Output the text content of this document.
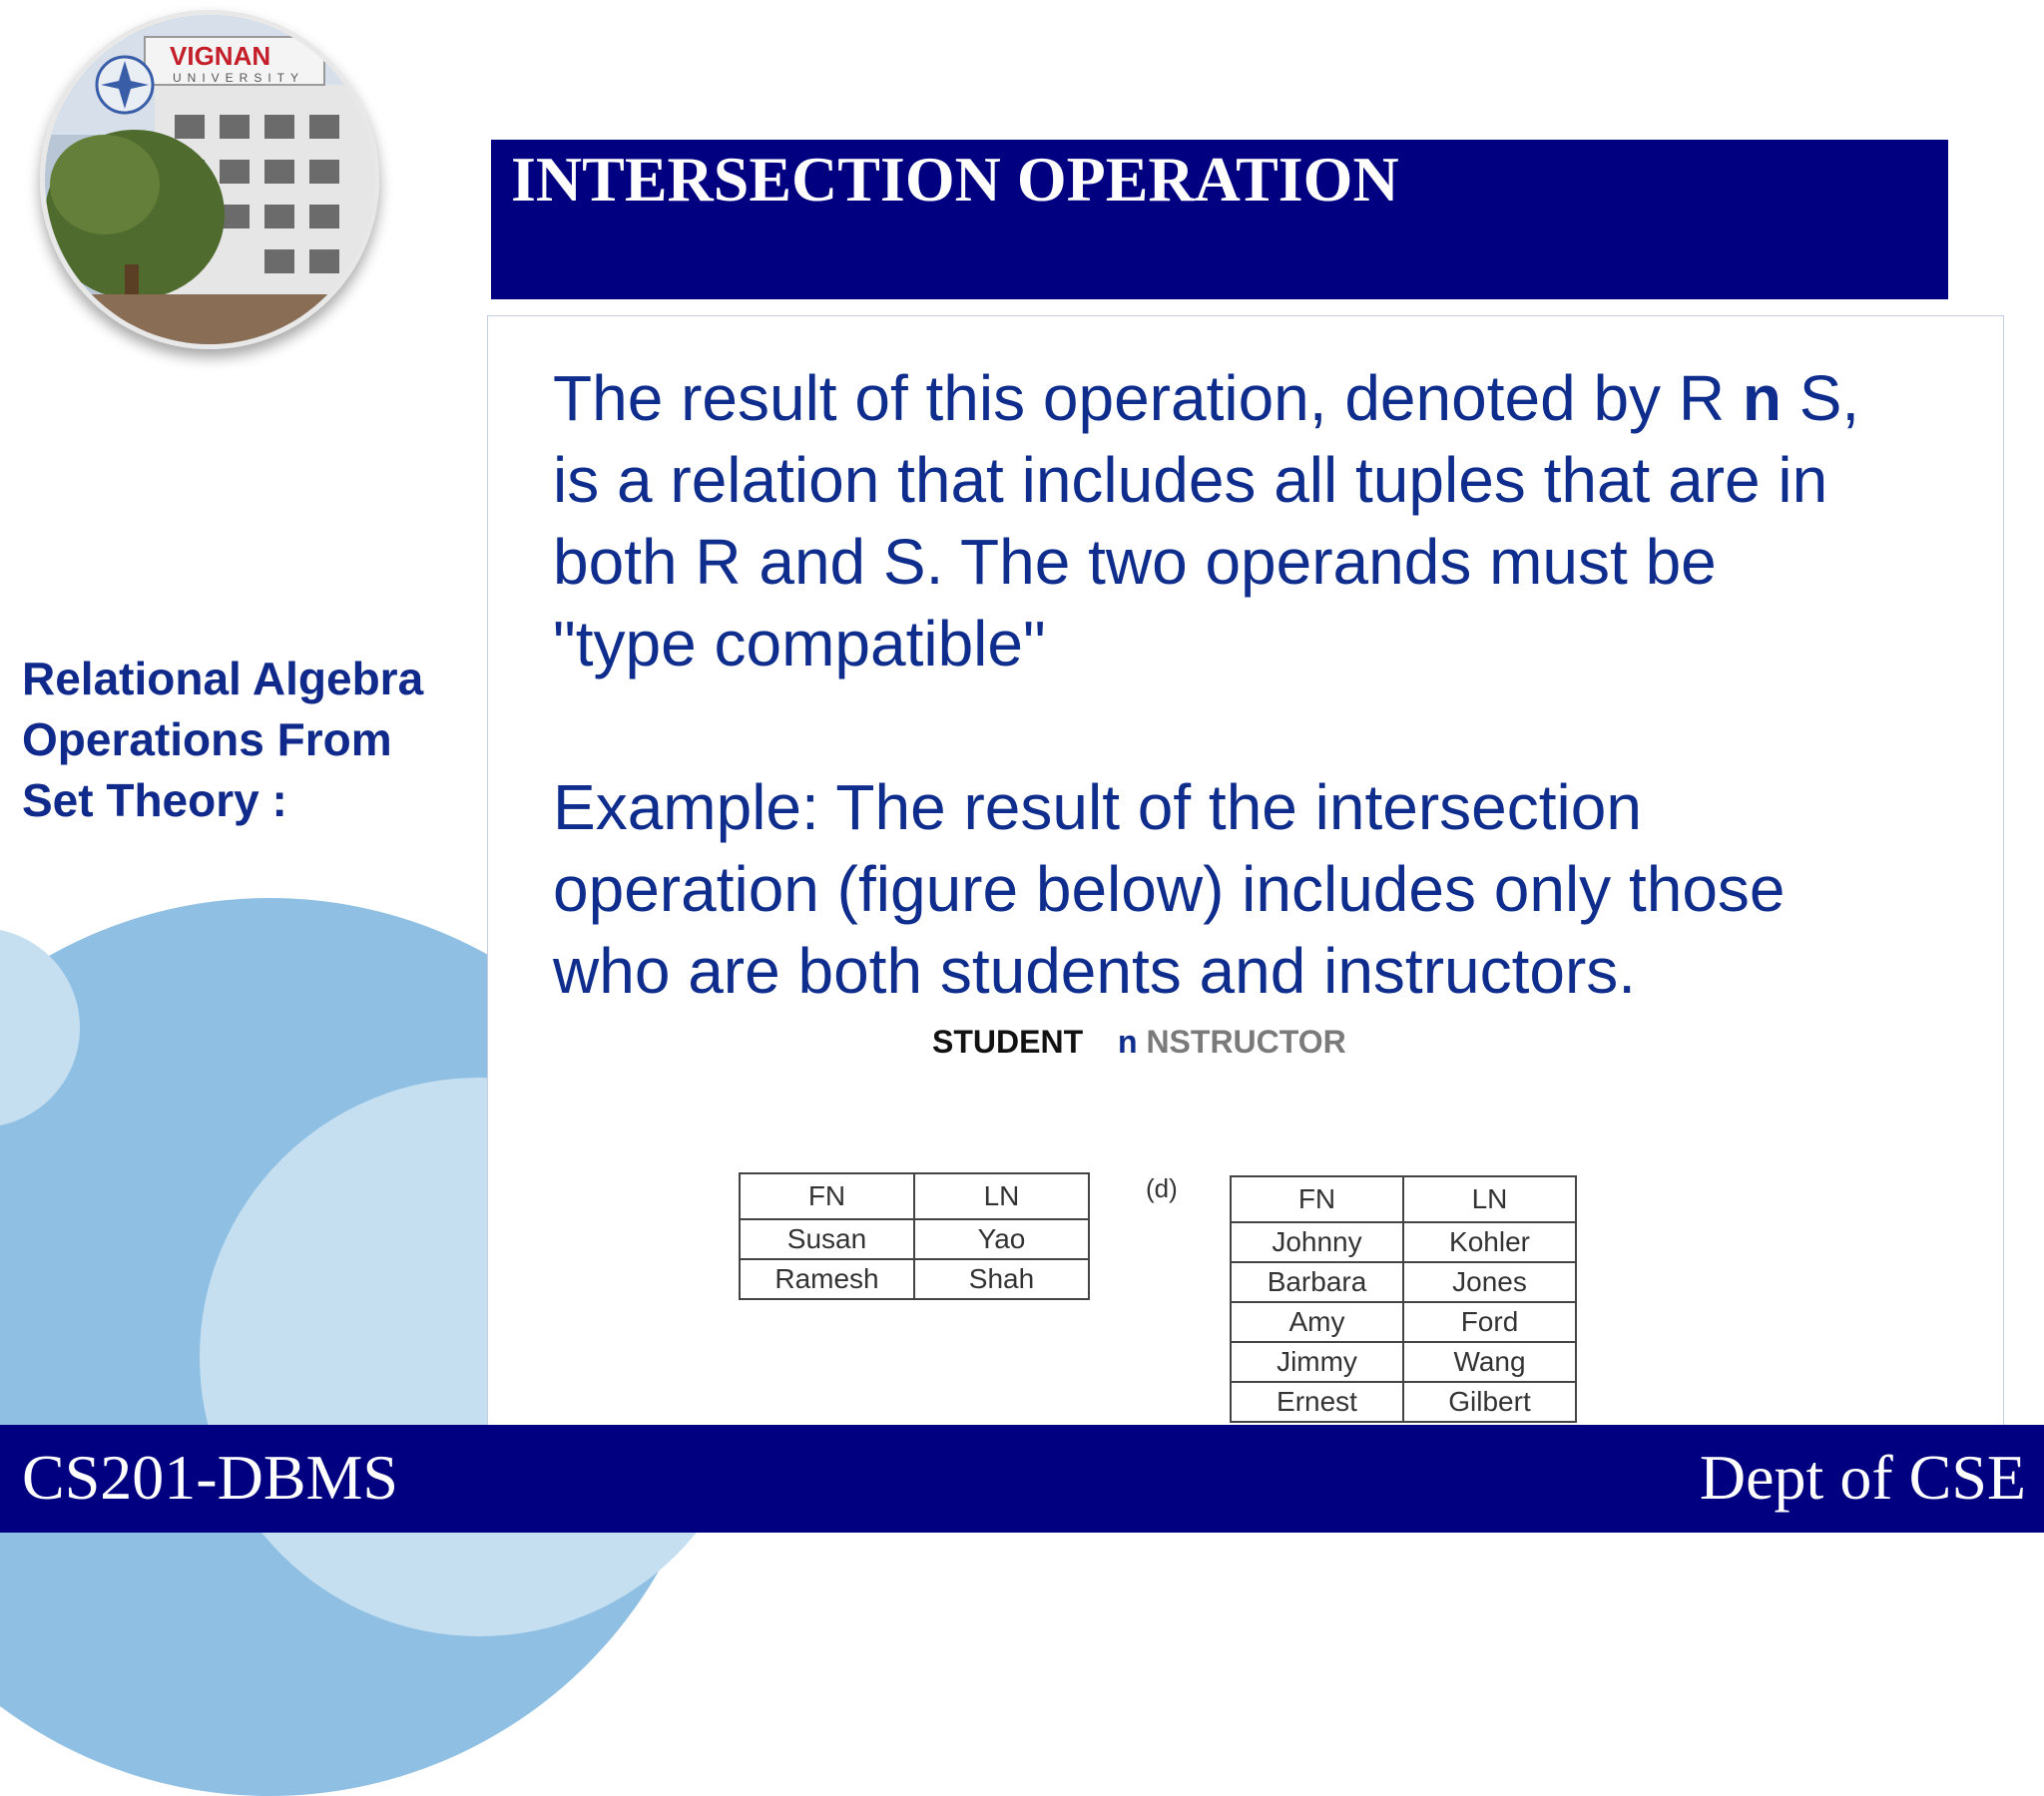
VIGNAN
UNIVERSITY
INTERSECTION OPERATION
Relational Algebra
Operations From
Set Theory :

The result of this operation, denoted by R n S,

is a relation that includes all tuples that are in

both R and S. The two operands must be

"type compatible"

Example: The result of the intersection

operation (figure below) includes only those

who are both students and instructors.

STUDENT n NSTRUCTOR
FN	LN
Susan	Yao
Ramesh	Shah
(d)	FN	LN
Johnny	Kohler
Barbara	Jones
Amy	Ford
Jimmy	Wang
Ernest	Gilbert
CS201-DBMS	Dept of CSE
